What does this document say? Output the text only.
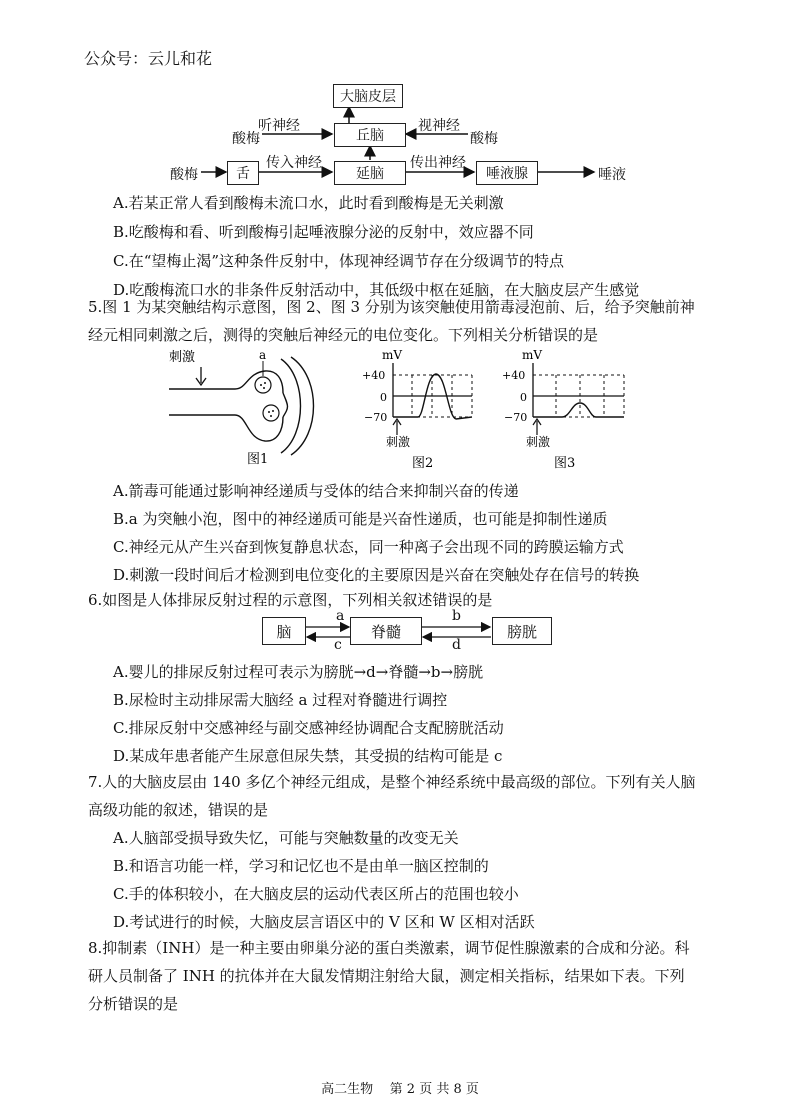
公众号：云儿和花
大脑皮层
丘脑
舌	延脑	唾液腺
听神经
酸梅
视神经
酸梅
酸梅
传入神经	传出神经
唾液
A.若某正常人看到酸梅未流口水，此时看到酸梅是无关刺激
B.吃酸梅和看、听到酸梅引起唾液腺分泌的反射中，效应器不同
C.在“望梅止渴”这种条件反射中，体现神经调节存在分级调节的特点
D.吃酸梅流口水的非条件反射活动中，其低级中枢在延脑，在大脑皮层产生感觉
5.图 1 为某突触结构示意图，图 2、图 3 分别为该突触使用箭毒浸泡前、后，给予突触前神
经元相同刺激之后，测得的突触后神经元的电位变化。下列相关分析错误的是
刺激	a
图1
mV
+40
0
−70
刺激
图2
mV
+40
0
−70
刺激
图3
A.箭毒可能通过影响神经递质与受体的结合来抑制兴奋的传递
B.a 为突触小泡，图中的神经递质可能是兴奋性递质，也可能是抑制性递质
C.神经元从产生兴奋到恢复静息状态，同一种离子会出现不同的跨膜运输方式
D.刺激一段时间后才检测到电位变化的主要原因是兴奋在突触处存在信号的转换
6.如图是人体排尿反射过程的示意图，下列相关叙述错误的是
脑	脊髓	膀胱
a
c
b
d
A.婴儿的排尿反射过程可表示为膀胱→d→脊髓→b→膀胱
B.尿检时主动排尿需大脑经 a 过程对脊髓进行调控
C.排尿反射中交感神经与副交感神经协调配合支配膀胱活动
D.某成年患者能产生尿意但尿失禁，其受损的结构可能是 c
7.人的大脑皮层由 140 多亿个神经元组成，是整个神经系统中最高级的部位。下列有关人脑
高级功能的叙述，错误的是
A.人脑部受损导致失忆，可能与突触数量的改变无关
B.和语言功能一样，学习和记忆也不是由单一脑区控制的
C.手的体积较小，在大脑皮层的运动代表区所占的范围也较小
D.考试进行的时候，大脑皮层言语区中的 V 区和 W 区相对活跃
8.抑制素（INH）是一种主要由卵巢分泌的蛋白类激素，调节促性腺激素的合成和分泌。科
研人员制备了 INH 的抗体并在大鼠发情期注射给大鼠，测定相关指标，结果如下表。下列
分析错误的是
高二生物    第 2 页 共 8 页
